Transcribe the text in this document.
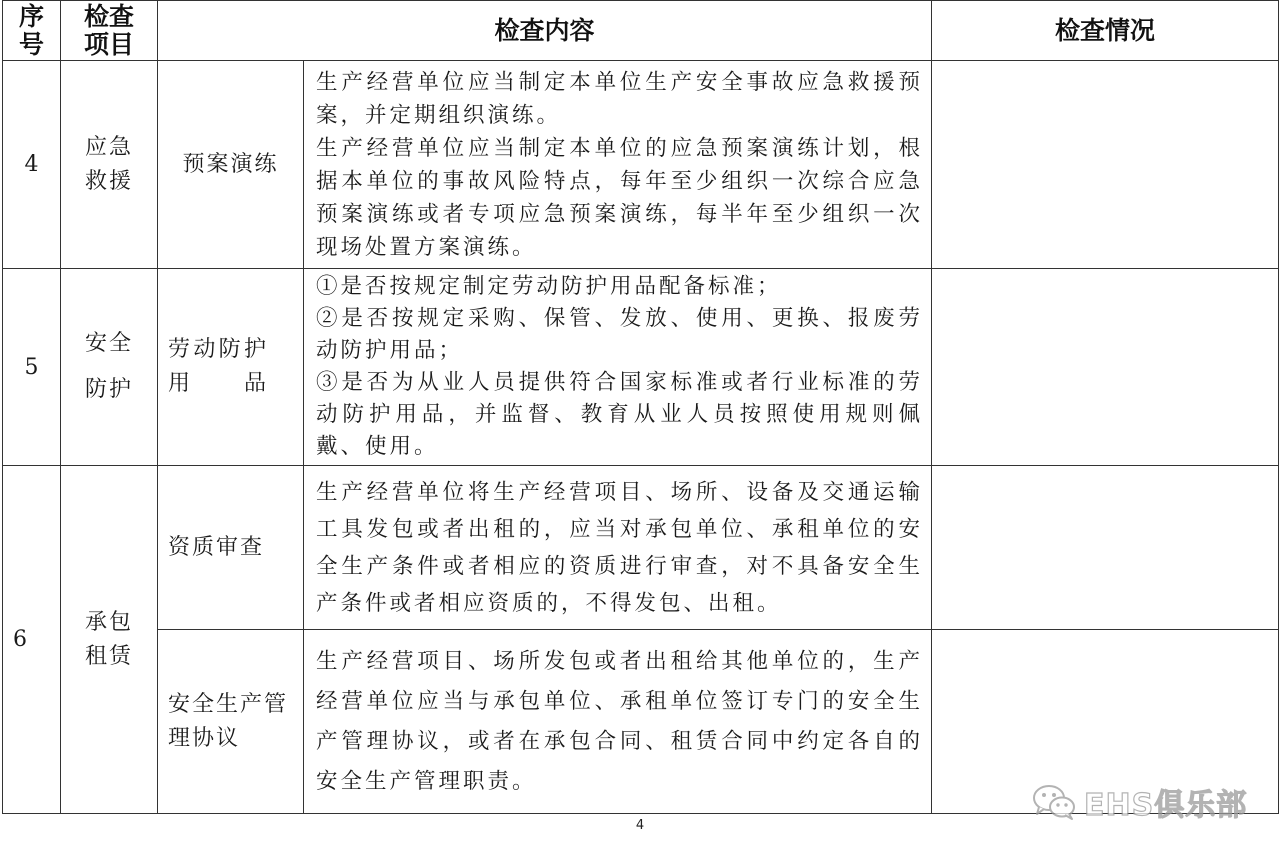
序号	检查项目	检查内容		检查情况
4	应急救援	预案演练	生产经营单位应当制定本单位生产安全事故应急救援预案，并定期组织演练。

生产经营单位应当制定本单位的应急预案演练计划，根据本单位的事故风险特点，每年至少组织一次综合应急预案演练或者专项应急预案演练，每半年至少组织一次现场处置方案演练。	

5	安全防护	劳动防护用品	①是否按规定制定劳动防护用品配备标准；

②是否按规定采购、保管、发放、使用、更换、报废劳动防护用品；

③是否为从业人员提供符合国家标准或者行业标准的劳动防护用品，并监督、教育从业人员按照使用规则佩戴、使用。	

6	承包租赁	资质审查	生产经营单位将生产经营项目、场所、设备及交通运输工具发包或者出租的，应当对承包单位、承租单位的安全生产条件或者相应的资质进行审查，对不具备安全生产条件或者相应资质的，不得发包、出租。	

		安全生产管理协议	生产经营项目、场所发包或者出租给其他单位的，生产经营单位应当与承包单位、承租单位签订专门的安全生产管理协议，或者在承包合同、租赁合同中约定各自的安全生产管理职责。	

4
EHS俱乐部
